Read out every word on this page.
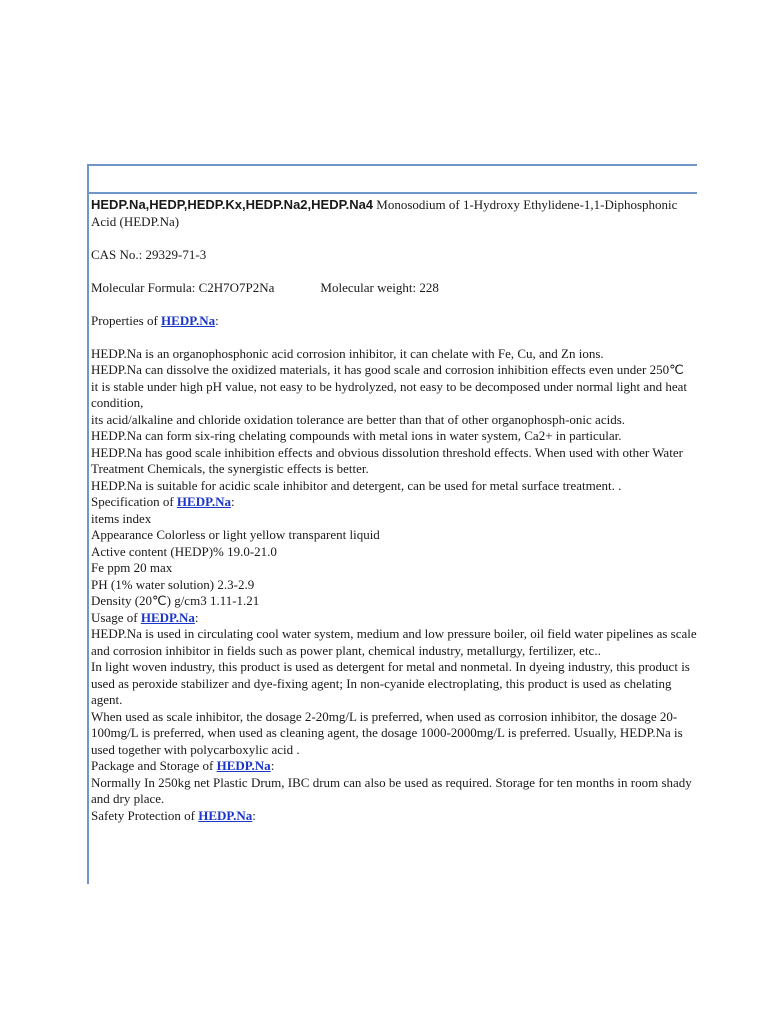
HEDP.Na,HEDP,HEDP.Kx,HEDP.Na2,HEDP.Na4 Monosodium of 1-Hydroxy Ethylidene-1,1-Diphosphonic Acid (HEDP.Na)

CAS No.: 29329-71-3

Molecular Formula: C2H7O7P2Na	Molecular weight: 228

Properties of HEDP.Na:

HEDP.Na is an organophosphonic acid corrosion inhibitor, it can chelate with Fe, Cu, and Zn ions.

HEDP.Na can dissolve the oxidized materials, it has good scale and corrosion inhibition effects even under 250℃

it is stable under high pH value, not easy to be hydrolyzed, not easy to be decomposed under normal light and heat condition,

its acid/alkaline and chloride oxidation tolerance are better than that of other organophosph-onic acids.

HEDP.Na can form six-ring chelating compounds with metal ions in water system, Ca2+ in particular.

HEDP.Na has good scale inhibition effects and obvious dissolution threshold effects. When used with other Water Treatment Chemicals, the synergistic effects is better.

HEDP.Na is suitable for acidic scale inhibitor and detergent, can be used for metal surface treatment. .

Specification of HEDP.Na:

items index

Appearance Colorless or light yellow transparent liquid

Active content (HEDP)% 19.0-21.0

Fe ppm 20 max

PH (1% water solution) 2.3-2.9

Density (20℃) g/cm3 1.11-1.21

Usage of HEDP.Na:

HEDP.Na is used in circulating cool water system, medium and low pressure boiler, oil field water pipelines as scale and corrosion inhibitor in fields such as power plant, chemical industry, metallurgy, fertilizer, etc..

In light woven industry, this product is used as detergent for metal and nonmetal. In dyeing industry, this product is used as peroxide stabilizer and dye-fixing agent; In non-cyanide electroplating, this product is used as chelating agent.

When used as scale inhibitor, the dosage 2-20mg/L is preferred, when used as corrosion inhibitor, the dosage 20-100mg/L is preferred, when used as cleaning agent, the dosage 1000-2000mg/L is preferred. Usually, HEDP.Na is used together with polycarboxylic acid .

Package and Storage of HEDP.Na:

Normally In 250kg net Plastic Drum, IBC drum can also be used as required. Storage for ten months in room shady and dry place.

Safety Protection of HEDP.Na:
